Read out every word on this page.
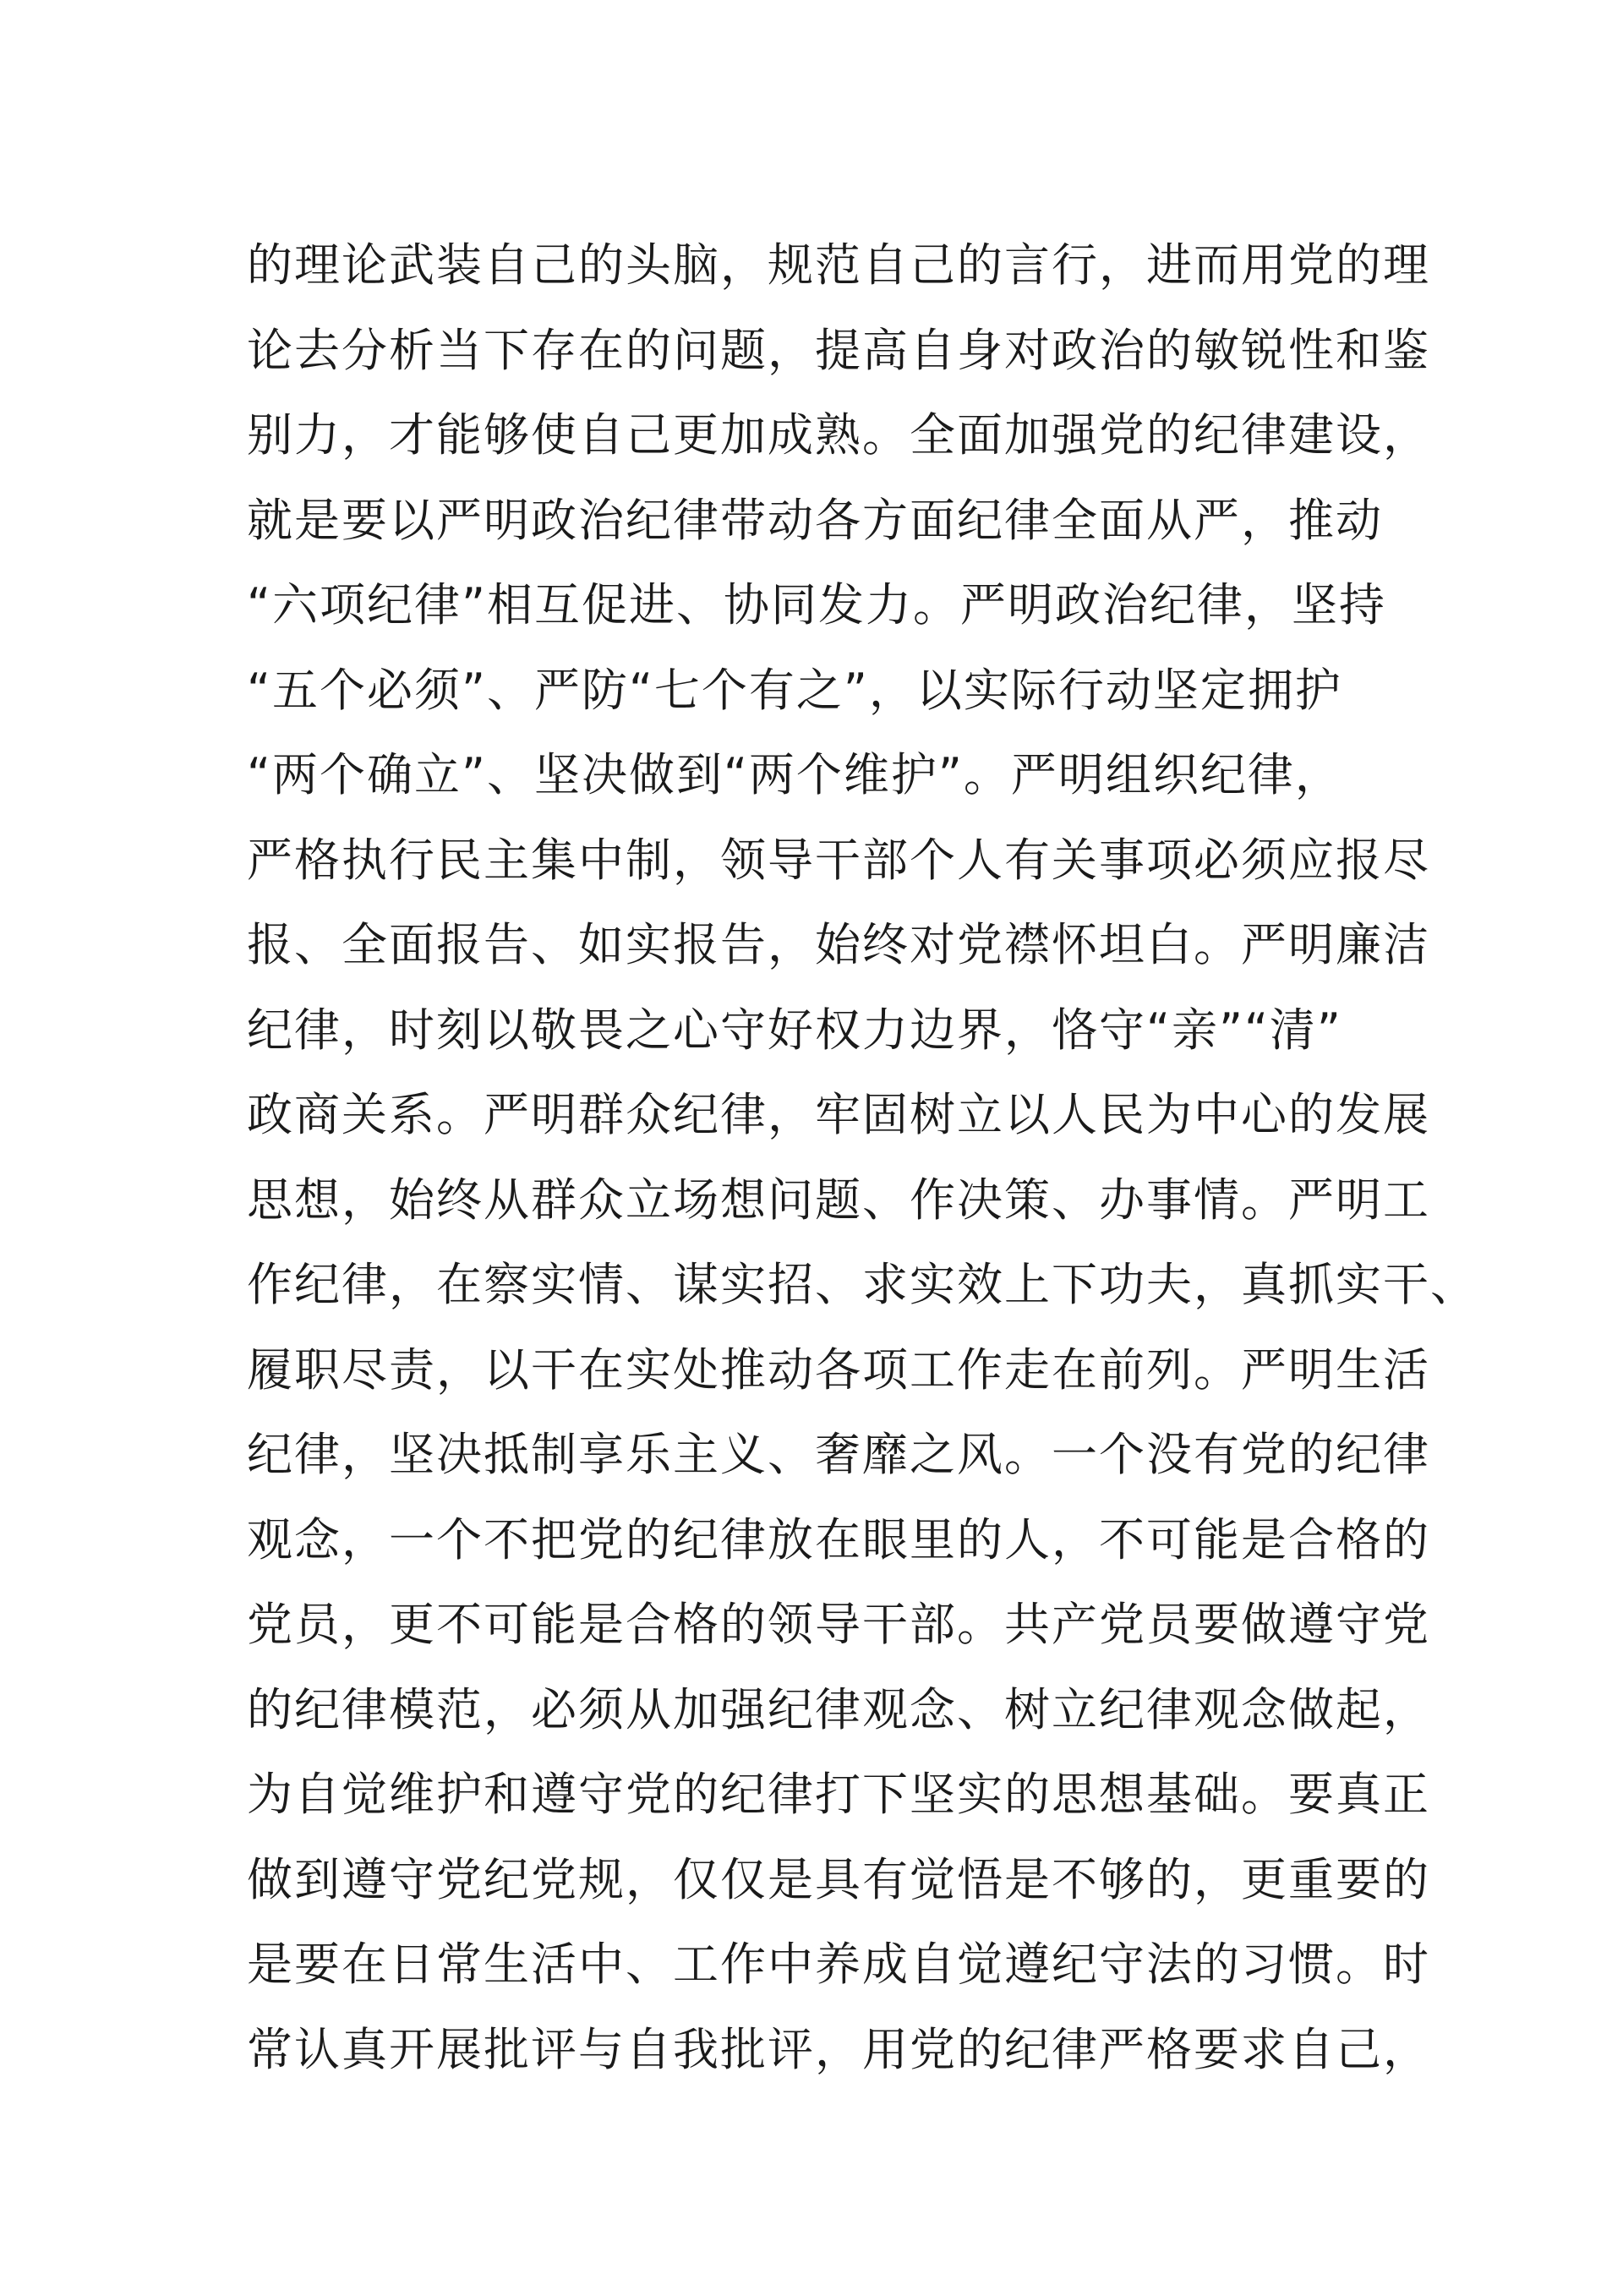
的理论武装自己的头脑，规范自己的言行，进而用党的理
论去分析当下存在的问题，提高自身对政治的敏锐性和鉴
别力，才能够使自己更加成熟。全面加强党的纪律建设，
就是要以严明政治纪律带动各方面纪律全面从严，推动
“六项纪律”相互促进、协同发力。严明政治纪律，坚持
“五个必须”、严防“七个有之”，以实际行动坚定拥护
“两个确立”、坚决做到“两个维护”。严明组织纪律，
严格执行民主集中制，领导干部个人有关事项必须应报尽
报、全面报告、如实报告，始终对党襟怀坦白。严明廉洁
纪律，时刻以敬畏之心守好权力边界，恪守“亲”“清”
政商关系。严明群众纪律，牢固树立以人民为中心的发展
思想，始终从群众立场想问题、作决策、办事情。严明工
作纪律，在察实情、谋实招、求实效上下功夫，真抓实干、
履职尽责，以干在实处推动各项工作走在前列。严明生活
纪律，坚决抵制享乐主义、奢靡之风。一个没有党的纪律
观念，一个不把党的纪律放在眼里的人，不可能是合格的
党员，更不可能是合格的领导干部。共产党员要做遵守党
的纪律模范，必须从加强纪律观念、树立纪律观念做起，
为自觉维护和遵守党的纪律打下坚实的思想基础。要真正
做到遵守党纪党规，仅仅是具有觉悟是不够的，更重要的
是要在日常生活中、工作中养成自觉遵纪守法的习惯。时
常认真开展批评与自我批评，用党的纪律严格要求自己，
